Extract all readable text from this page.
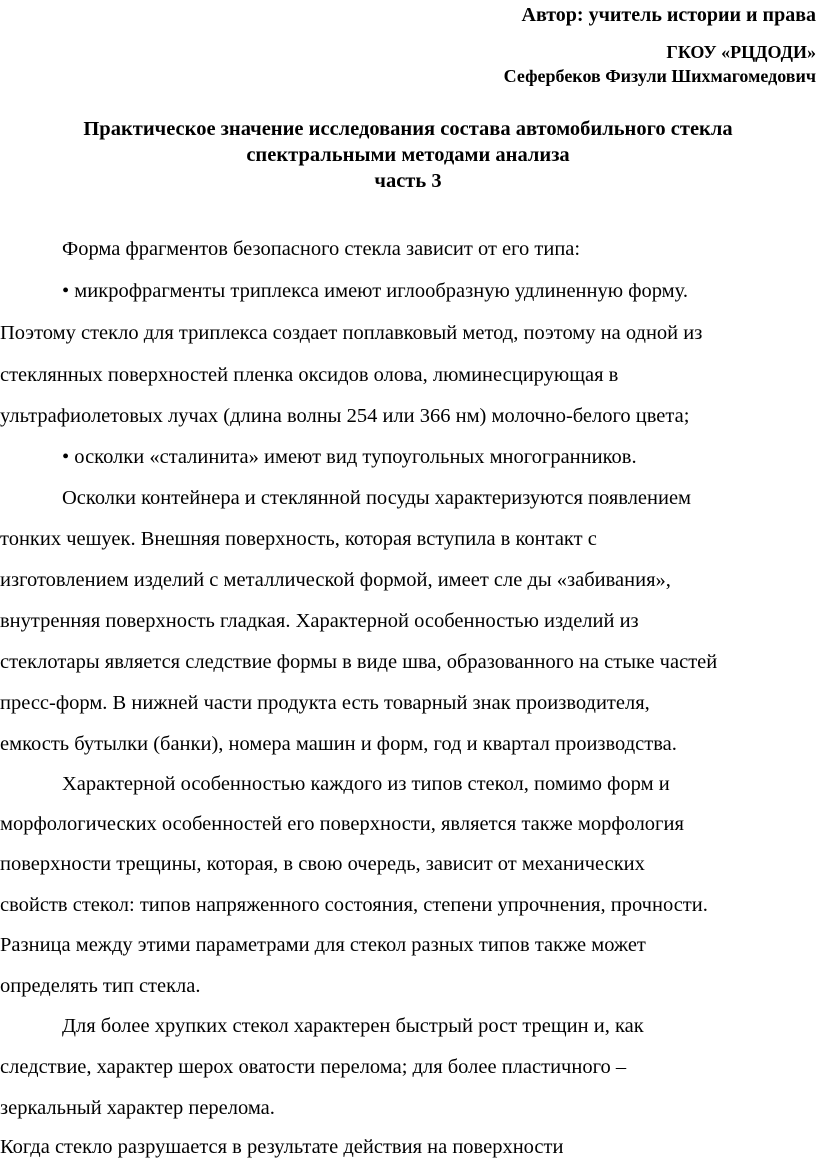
Автор: учитель истории и права
ГКОУ «РЦДОДИ»
Сефербеков Физули Шихмагомедович
Практическое значение исследования состава автомобильного стекла
спектральными методами анализа
часть 3
Форма фрагментов безопасного стекла зависит от его типа:
• микрофрагменты триплекса имеют иглообразную удлиненную форму.
Поэтому стекло для триплекса создает поплавковый метод, поэтому на одной из
стеклянных поверхностей пленка оксидов олова, люминесцирующая в
ультрафиолетовых лучах (длина волны 254 или 366 нм) молочно-белого цвета;
• осколки «сталинита» имеют вид тупоугольных многогранников.
Осколки контейнера и стеклянной посуды характеризуются появлением
тонких чешуек. Внешняя поверхность, которая вступила в контакт с
изготовлением изделий с металлической формой, имеет сле ды «забивания»,
внутренняя поверхность гладкая. Характерной особенностью изделий из
стеклотары является следствие формы в виде шва, образованного на стыке частей
пресс-форм. В нижней части продукта есть товарный знак производителя,
емкость бутылки (банки), номера машин и форм, год и квартал производства.
Характерной особенностью каждого из типов стекол, помимо форм и
морфологических особенностей его поверхности, является также морфология
поверхности трещины, которая, в свою очередь, зависит от механических
свойств стекол: типов напряженного состояния, степени упрочнения, прочности.
Разница между этими параметрами для стекол разных типов также может
определять тип стекла.
Для более хрупких стекол характерен быстрый рост трещин и, как
следствие, характер шерох оватости перелома; для более пластичного –
зеркальный характер перелома.
Когда стекло разрушается в результате действия на поверхности
